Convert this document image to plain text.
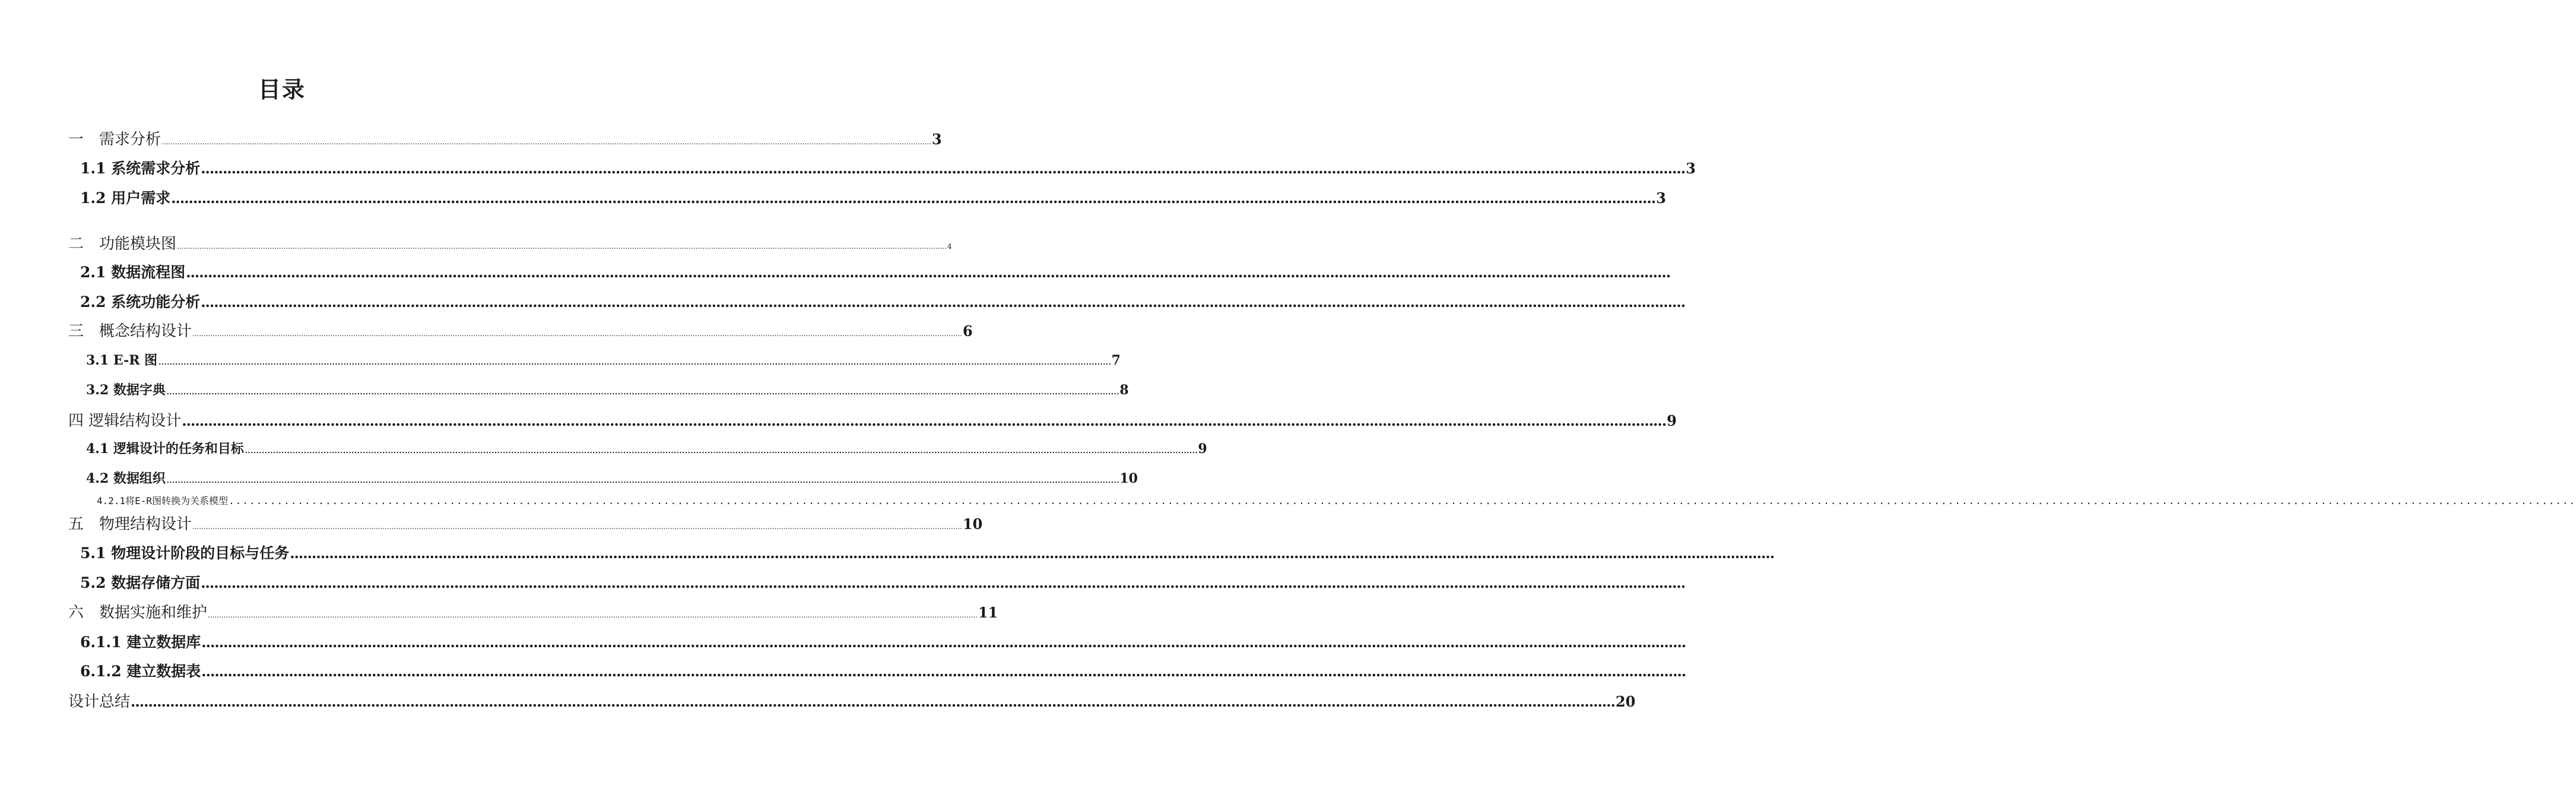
目录
一　需求分析 .................................................................................................................................................................................................................................................................................................................................................... 3
1.1 系统需求分析 .................................................................................................................................................................................................................................................................................................................................................... 3
1.2 用户需求 .................................................................................................................................................................................................................................................................................................................................................... 3
二　功能模块图 .................................................................................................................................................................................................................................................................................................................................................... 4
2.1 数据流程图 ....................................................................................................................................................................................................................................................................................................................................................
2.2 系统功能分析 ....................................................................................................................................................................................................................................................................................................................................................
三　概念结构设计 .................................................................................................................................................................................................................................................................................................................................................... 6
3.1 E-R 图 .................................................................................................................................................................................................................................................................................................................................................... 7
3.2 数据字典 .................................................................................................................................................................................................................................................................................................................................................... 8
四 逻辑结构设计 .................................................................................................................................................................................................................................................................................................................................................... 9
4.1 逻辑设计的任务和目标 .................................................................................................................................................................................................................................................................................................................................................... 9
4.2 数据组织 .................................................................................................................................................................................................................................................................................................................................................... 10
4.2.1将E-R图转换为关系模型 ....................................................................................................................................................................................................................................................................................................................................................
五　物理结构设计 .................................................................................................................................................................................................................................................................................................................................................... 10
5.1 物理设计阶段的目标与任务 ....................................................................................................................................................................................................................................................................................................................................................
5.2 数据存储方面 ....................................................................................................................................................................................................................................................................................................................................................
六　数据实施和维护 .................................................................................................................................................................................................................................................................................................................................................... 11
6.1.1 建立数据库 ....................................................................................................................................................................................................................................................................................................................................................
6.1.2 建立数据表 ....................................................................................................................................................................................................................................................................................................................................................
设计总结 .................................................................................................................................................................................................................................................................................................................................................... 20
